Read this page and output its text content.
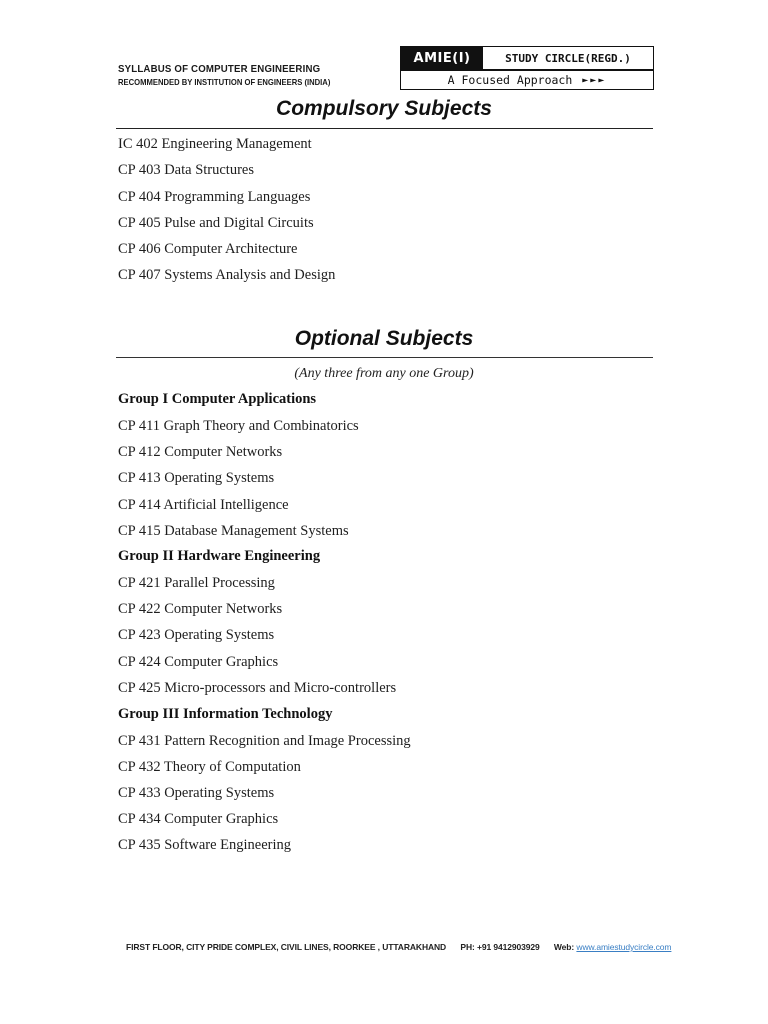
SYLLABUS OF COMPUTER ENGINEERING
RECOMMENDED BY INSTITUTION OF ENGINEERS (INDIA)
AMIE(I)	STUDY CIRCLE(REGD.)
A Focused Approach ►►►
Compulsory Subjects
IC 402 Engineering Management
CP 403 Data Structures
CP 404 Programming Languages
CP 405 Pulse and Digital Circuits
CP 406 Computer Architecture
CP 407 Systems Analysis and Design
Optional Subjects
(Any three from any one Group)
Group I Computer Applications
CP 411 Graph Theory and Combinatorics
CP 412 Computer Networks
CP 413 Operating Systems
CP 414 Artificial Intelligence
CP 415 Database Management Systems
Group II Hardware Engineering
CP 421 Parallel Processing
CP 422 Computer Networks
CP 423 Operating Systems
CP 424 Computer Graphics
CP 425 Micro-processors and Micro-controllers
Group III Information Technology
CP 431 Pattern Recognition and Image Processing
CP 432 Theory of Computation
CP 433 Operating Systems
CP 434 Computer Graphics
CP 435 Software Engineering
FIRST FLOOR, CITY PRIDE COMPLEX, CIVIL LINES, ROORKEE , UTTARAKHAND PH: +91 9412903929 Web: www.amiestudycircle.com
